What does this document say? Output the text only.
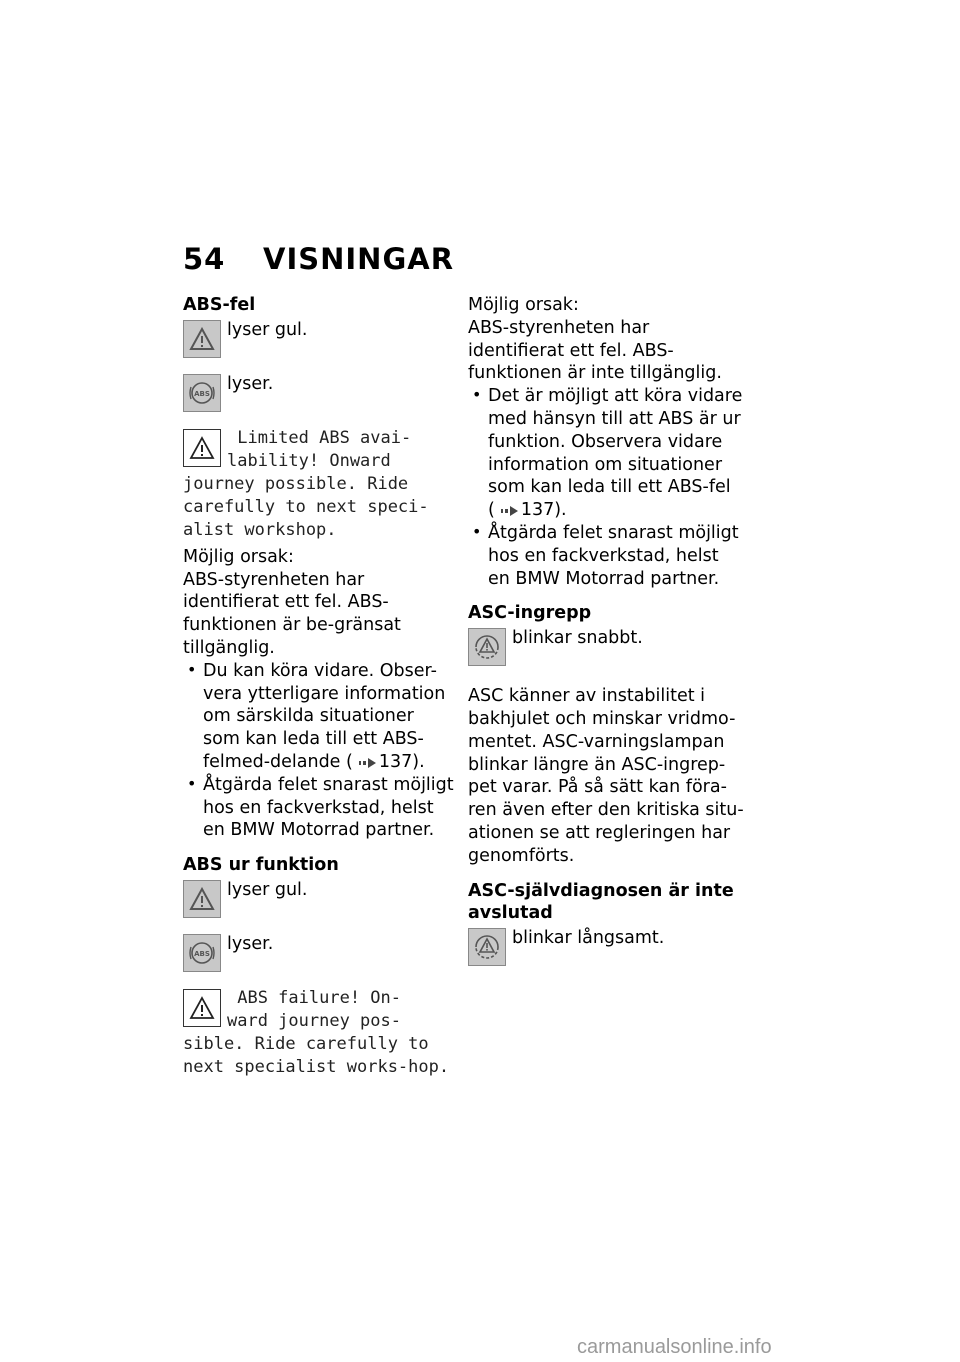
54 VISNINGAR
ABS-fel
lyser gul.
ABS lyser.
Limited ABS avai-
lability! Onward
journey possible. Ride carefully to next speci-alist workshop.

Möjlig orsak:

ABS-styrenheten har identifierat ett fel. ABS-funktionen är be-gränsat tillgänglig.

• Du kan köra vidare. Obser-vera ytterligare information om särskilda situationer som kan leda till ett ABS-felmed-delande ( 137).
• Åtgärda felet snarast möjligt hos en fackverkstad, helst en BMW Motorrad partner.
ABS ur funktion
lyser gul.
ABS lyser.
ABS failure! On-
ward journey pos-
sible. Ride carefully to next specialist works-hop.

Möjlig orsak:

ABS-styrenheten har identifierat ett fel. ABS-funktionen är inte tillgänglig.

• Det är möjligt att köra vidare med hänsyn till att ABS är ur funktion. Observera vidare information om situationer som kan leda till ett ABS-fel ( 137).
• Åtgärda felet snarast möjligt hos en fackverkstad, helst en BMW Motorrad partner.
ASC-ingrepp
blinkar snabbt.

ASC känner av instabilitet i bakhjulet och minskar vridmo-mentet. ASC-varningslampan blinkar längre än ASC-ingrep-pet varar. På så sätt kan föra-ren även efter den kritiska situ-ationen se att regleringen har genomförts.

ASC-självdiagnosen är inte avslutad
blinkar långsamt.
carmanualsonline.info
